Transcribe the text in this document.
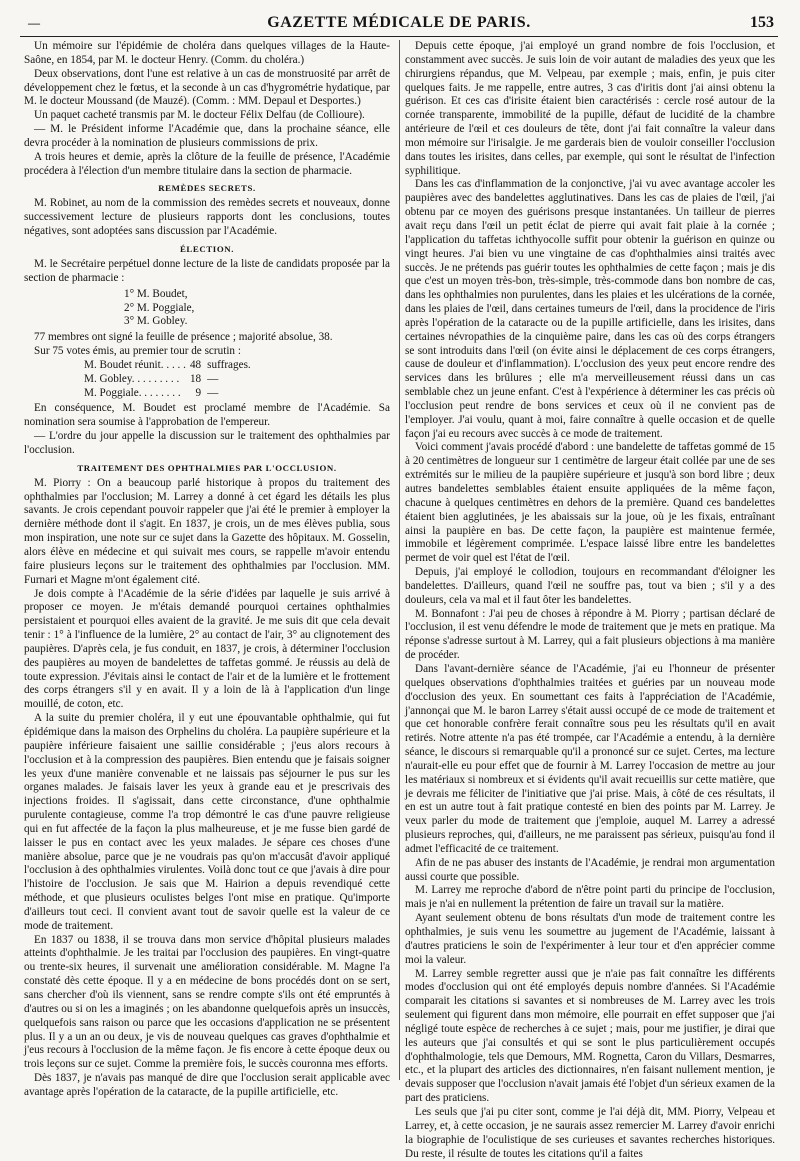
—	GAZETTE MÉDICALE DE PARIS.	153

Un mémoire sur l'épidémie de choléra dans quelques villages de la Haute-Saône, en 1854, par M. le docteur Henry. (Comm. du choléra.)

Deux observations, dont l'une est relative à un cas de monstruosité par arrêt de développement chez le fœtus, et la seconde à un cas d'hygrométrie hydatique, par M. le docteur Moussand (de Mauzé). (Comm. : MM. Depaul et Desportes.)

Un paquet cacheté transmis par M. le docteur Félix Delfau (de Collioure).

— M. le Président informe l'Académie que, dans la prochaine séance, elle devra procéder à la nomination de plusieurs commissions de prix.

A trois heures et demie, après la clôture de la feuille de présence, l'Académie procédera à l'élection d'un membre titulaire dans la section de pharmacie.

REMÈDES SECRETS.

M. Robinet, au nom de la commission des remèdes secrets et nouveaux, donne successivement lecture de plusieurs rapports dont les conclusions, toutes négatives, sont adoptées sans discussion par l'Académie.

ÉLECTION.

M. le Secrétaire perpétuel donne lecture de la liste de candidats proposée par la section de pharmacie :

1° M. Boudet,
2° M. Poggiale,
3° M. Gobley.

77 membres ont signé la feuille de présence ; majorité absolue, 38.

Sur 75 votes émis, au premier tour de scrutin :

M. Boudet réunit. . . . .	48	suffrages.
M. Gobley. . . . . . . . .	18	—
M. Poggiale. . . . . . . .	9	—

En conséquence, M. Boudet est proclamé membre de l'Académie. Sa nomination sera soumise à l'approbation de l'empereur.

— L'ordre du jour appelle la discussion sur le traitement des ophthalmies par l'occlusion.

TRAITEMENT DES OPHTHALMIES PAR L'OCCLUSION.

M. Piorry : On a beaucoup parlé historique à propos du traitement des ophthalmies par l'occlusion; M. Larrey a donné à cet égard les détails les plus savants. Je crois cependant pouvoir rappeler que j'ai été le premier à employer la dernière méthode dont il s'agit. En 1837, je crois, un de mes élèves publia, sous mon inspiration, une note sur ce sujet dans la Gazette des hôpitaux. M. Gosselin, alors élève en médecine et qui suivait mes cours, se rappelle m'avoir entendu faire plusieurs leçons sur le traitement des ophthalmies par l'occlusion. MM. Furnari et Magne m'ont également cité.

Je dois compte à l'Académie de la série d'idées par laquelle je suis arrivé à proposer ce moyen. Je m'étais demandé pourquoi certaines ophthalmies persistaient et pourquoi elles avaient de la gravité. Je me suis dit que cela devait tenir : 1° à l'influence de la lumière, 2° au contact de l'air, 3° au clignotement des paupières. D'après cela, je fus conduit, en 1837, je crois, à déterminer l'occlusion des paupières au moyen de bandelettes de taffetas gommé. Je réussis au delà de toute expression. J'évitais ainsi le contact de l'air et de la lumière et le frottement des corps étrangers s'il y en avait. Il y a loin de là à l'application d'un linge mouillé, de coton, etc.

A la suite du premier choléra, il y eut une épouvantable ophthalmie, qui fut épidémique dans la maison des Orphelins du choléra. La paupière supérieure et la paupière inférieure faisaient une saillie considérable ; j'eus alors recours à l'occlusion et à la compression des paupières. Bien entendu que je faisais soigner les yeux d'une manière convenable et ne laissais pas séjourner le pus sur les organes malades. Je faisais laver les yeux à grande eau et je prescrivais des injections froides. Il s'agissait, dans cette circonstance, d'une ophthalmie purulente contagieuse, comme l'a trop démontré le cas d'une pauvre religieuse qui en fut affectée de la façon la plus malheureuse, et je me fusse bien gardé de laisser le pus en contact avec les yeux malades. Je sépare ces choses d'une manière absolue, parce que je ne voudrais pas qu'on m'accusât d'avoir appliqué l'occlusion à des ophthalmies virulentes. Voilà donc tout ce que j'avais à dire pour l'histoire de l'occlusion. Je sais que M. Hairion a depuis revendiqué cette méthode, et que plusieurs oculistes belges l'ont mise en pratique. Qu'importe d'ailleurs tout ceci. Il convient avant tout de savoir quelle est la valeur de ce mode de traitement.

En 1837 ou 1838, il se trouva dans mon service d'hôpital plusieurs malades atteints d'ophthalmie. Je les traitai par l'occlusion des paupières. En vingt-quatre ou trente-six heures, il survenait une amélioration considérable. M. Magne l'a constaté dès cette époque. Il y a en médecine de bons procédés dont on se sert, sans chercher d'où ils viennent, sans se rendre compte s'ils ont été empruntés à d'autres ou si on les a imaginés ; on les abandonne quelquefois après un insuccès, quelquefois sans raison ou parce que les occasions d'application ne se présentent plus. Il y a un an ou deux, je vis de nouveau quelques cas graves d'ophthalmie et j'eus recours à l'occlusion de la même façon. Je fis encore à cette époque deux ou trois leçons sur ce sujet. Comme la première fois, le succès couronna mes efforts.

Dès 1837, je n'avais pas manqué de dire que l'occlusion serait applicable avec avantage après l'opération de la cataracte, de la pupille artificielle, etc.

Depuis cette époque, j'ai employé un grand nombre de fois l'occlusion, et constamment avec succès. Je suis loin de voir autant de maladies des yeux que les chirurgiens répandus, que M. Velpeau, par exemple ; mais, enfin, je puis citer quelques faits. Je me rappelle, entre autres, 3 cas d'iritis dont j'ai ainsi obtenu la guérison. Et ces cas d'irisite étaient bien caractérisés : cercle rosé autour de la cornée transparente, immobilité de la pupille, défaut de lucidité de la chambre antérieure de l'œil et ces douleurs de tête, dont j'ai fait connaître la valeur dans mon mémoire sur l'irisalgie. Je me garderais bien de vouloir conseiller l'occlusion dans toutes les irisites, dans celles, par exemple, qui sont le résultat de l'infection syphilitique.

Dans les cas d'inflammation de la conjonctive, j'ai vu avec avantage accoler les paupières avec des bandelettes agglutinatives. Dans les cas de plaies de l'œil, j'ai obtenu par ce moyen des guérisons presque instantanées. Un tailleur de pierres avait reçu dans l'œil un petit éclat de pierre qui avait fait plaie à la cornée ; l'application du taffetas ichthyocolle suffit pour obtenir la guérison en quinze ou vingt heures. J'ai bien vu une vingtaine de cas d'ophthalmies ainsi traités avec succès. Je ne prétends pas guérir toutes les ophthalmies de cette façon ; mais je dis que c'est un moyen très-bon, très-simple, très-commode dans bon nombre de cas, dans les ophthalmies non purulentes, dans les plaies et les ulcérations de la cornée, dans les plaies de l'œil, dans certaines tumeurs de l'œil, dans la procidence de l'iris après l'opération de la cataracte ou de la pupille artificielle, dans les irisites, dans certaines névropathies de la cinquième paire, dans les cas où des corps étrangers se sont introduits dans l'œil (on évite ainsi le déplacement de ces corps étrangers, cause de douleur et d'inflammation). L'occlusion des yeux peut encore rendre des services dans les brûlures ; elle m'a merveilleusement réussi dans un cas semblable chez un jeune enfant. C'est à l'expérience à déterminer les cas précis où l'occlusion peut rendre de bons services et ceux où il ne convient pas de l'employer. J'ai voulu, quant à moi, faire connaître à quelle occasion et de quelle façon j'ai eu recours avec succès à ce mode de traitement.

Voici comment j'avais procédé d'abord : une bandelette de taffetas gommé de 15 à 20 centimètres de longueur sur 1 centimètre de largeur était collée par une de ses extrémités sur le milieu de la paupière supérieure et jusqu'à son bord libre ; deux autres bandelettes semblables étaient ensuite appliquées de la même façon, chacune à quelques centimètres en dehors de la première. Quand ces bandelettes étaient bien agglutinées, je les abaissais sur la joue, où je les fixais, entraînant ainsi la paupière en bas. De cette façon, la paupière est maintenue fermée, immobile et légèrement comprimée. L'espace laissé libre entre les bandelettes permet de voir quel est l'état de l'œil.

Depuis, j'ai employé le collodion, toujours en recommandant d'éloigner les bandelettes. D'ailleurs, quand l'œil ne souffre pas, tout va bien ; s'il y a des douleurs, cela va mal et il faut ôter les bandelettes.

M. Bonnafont : J'ai peu de choses à répondre à M. Piorry ; partisan déclaré de l'occlusion, il est venu défendre le mode de traitement que je mets en pratique. Ma réponse s'adresse surtout à M. Larrey, qui a fait plusieurs objections à ma manière de procéder.

Dans l'avant-dernière séance de l'Académie, j'ai eu l'honneur de présenter quelques observations d'ophthalmies traitées et guéries par un nouveau mode d'occlusion des yeux. En soumettant ces faits à l'appréciation de l'Académie, j'annonçai que M. le baron Larrey s'était aussi occupé de ce mode de traitement et que cet honorable confrère ferait connaître sous peu les résultats qu'il en avait retirés. Notre attente n'a pas été trompée, car l'Académie a entendu, à la dernière séance, le discours si remarquable qu'il a prononcé sur ce sujet. Certes, ma lecture n'aurait-elle eu pour effet que de fournir à M. Larrey l'occasion de mettre au jour les matériaux si nombreux et si évidents qu'il avait recueillis sur cette matière, que je devrais me féliciter de l'initiative que j'ai prise. Mais, à côté de ces résultats, il en est un autre tout à fait pratique contesté en bien des points par M. Larrey. Je veux parler du mode de traitement que j'emploie, auquel M. Larrey a adressé plusieurs reproches, qui, d'ailleurs, ne me paraissent pas sérieux, puisqu'au fond il admet l'efficacité de ce traitement.

Afin de ne pas abuser des instants de l'Académie, je rendrai mon argumentation aussi courte que possible.

M. Larrey me reproche d'abord de n'être point parti du principe de l'occlusion, mais je n'ai en nullement la prétention de faire un travail sur la matière.

Ayant seulement obtenu de bons résultats d'un mode de traitement contre les ophthalmies, je suis venu les soumettre au jugement de l'Académie, laissant à d'autres praticiens le soin de l'expérimenter à leur tour et d'en apprécier comme moi la valeur.

M. Larrey semble regretter aussi que je n'aie pas fait connaître les différents modes d'occlusion qui ont été employés depuis nombre d'années. Si l'Académie comparait les citations si savantes et si nombreuses de M. Larrey avec les trois seulement qui figurent dans mon mémoire, elle pourrait en effet supposer que j'ai négligé toute espèce de recherches à ce sujet ; mais, pour me justifier, je dirai que les auteurs que j'ai consultés et qui se sont le plus particulièrement occupés d'ophthalmologie, tels que Demours, MM. Rognetta, Caron du Villars, Desmarres, etc., et la plupart des articles des dictionnaires, n'en faisant nullement mention, je devais supposer que l'occlusion n'avait jamais été l'objet d'un sérieux examen de la part des praticiens.

Les seuls que j'ai pu citer sont, comme je l'ai déjà dit, MM. Piorry, Velpeau et Larrey, et, à cette occasion, je ne saurais assez remercier M. Larrey d'avoir enrichi la biographie de l'oculistique de ses curieuses et savantes recherches historiques. Du reste, il résulte de toutes les citations qu'il a faites
